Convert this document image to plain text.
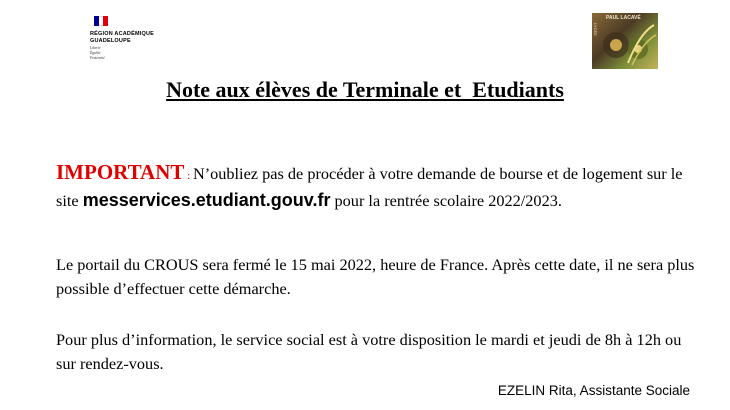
RÉGION ACADÉMIQUE
GUADELOUPE
Liberté
Égalité
Fraternité
PAUL LACAVÉ
LYCÉE
Note aux élèves de Terminale et  Etudiants

IMPORTANT : N’oubliez pas de procéder à votre demande de bourse et de logement sur le site messervices.etudiant.gouv.fr pour la rentrée scolaire 2022/2023.

Le portail du CROUS sera fermé le 15 mai 2022, heure de France. Après cette date, il ne sera plus possible d’effectuer cette démarche.

Pour plus d’information, le service social est à votre disposition le mardi et jeudi de 8h à 12h ou sur rendez-vous.

EZELIN Rita, Assistante Sociale
